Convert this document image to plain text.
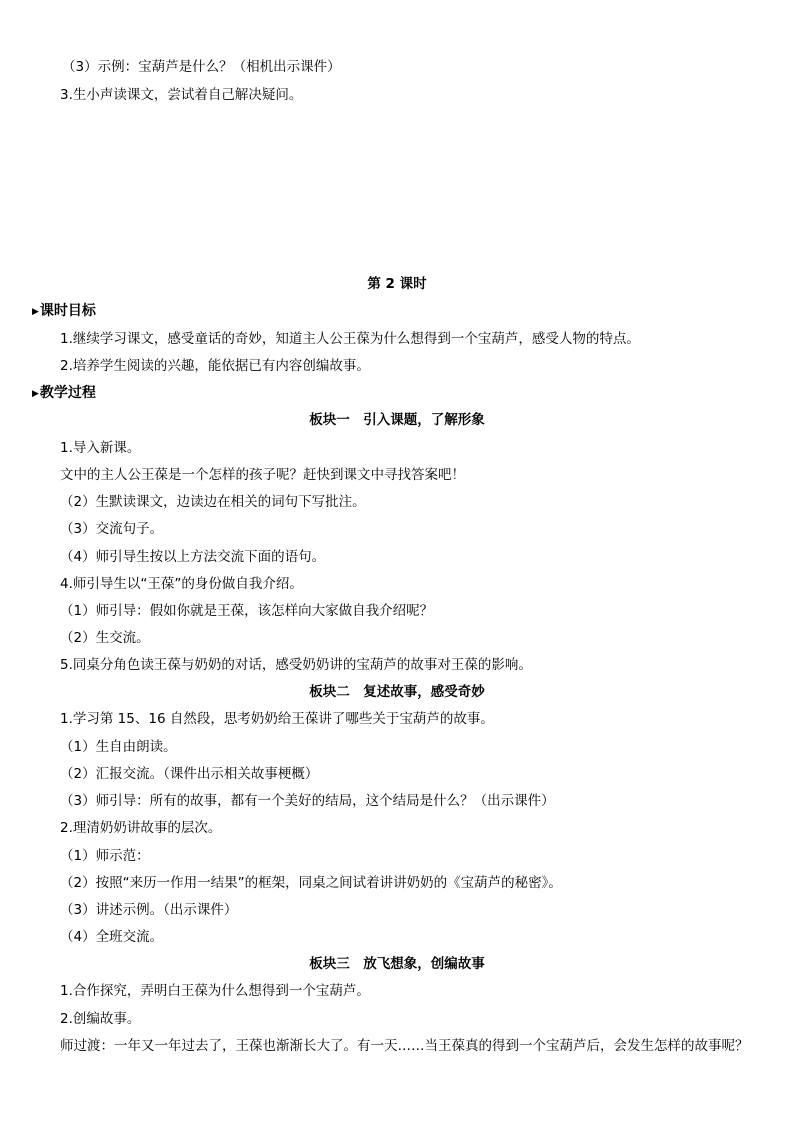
（3）示例：宝葫芦是什么？（相机出示课件）
3.生小声读课文，尝试着自己解决疑问。
第 2 课时
▶课时目标
1.继续学习课文，感受童话的奇妙，知道主人公王葆为什么想得到一个宝葫芦，感受人物的特点。
2.培养学生阅读的兴趣，能依据已有内容创编故事。
▶教学过程
板块一　引入课题，了解形象
1.导入新课。
文中的主人公王葆是一个怎样的孩子呢？赶快到课文中寻找答案吧！
（2）生默读课文，边读边在相关的词句下写批注。
（3）交流句子。
（4）师引导生按以上方法交流下面的语句。
4.师引导生以“王葆”的身份做自我介绍。
（1）师引导：假如你就是王葆，该怎样向大家做自我介绍呢？
（2）生交流。
5.同桌分角色读王葆与奶奶的对话，感受奶奶讲的宝葫芦的故事对王葆的影响。
板块二　复述故事，感受奇妙
1.学习第 15、16 自然段，思考奶奶给王葆讲了哪些关于宝葫芦的故事。
（1）生自由朗读。
（2）汇报交流。（课件出示相关故事梗概）
（3）师引导：所有的故事，都有一个美好的结局，这个结局是什么？（出示课件）
2.理清奶奶讲故事的层次。
（1）师示范：
（2）按照“来历一作用一结果”的框架，同桌之间试着讲讲奶奶的《宝葫芦的秘密》。
（3）讲述示例。（出示课件）
（4）全班交流。
板块三　放飞想象，创编故事
1.合作探究，弄明白王葆为什么想得到一个宝葫芦。
2.创编故事。
师过渡：一年又一年过去了，王葆也渐渐长大了。有一天……当王葆真的得到一个宝葫芦后，会发生怎样的故事呢？
